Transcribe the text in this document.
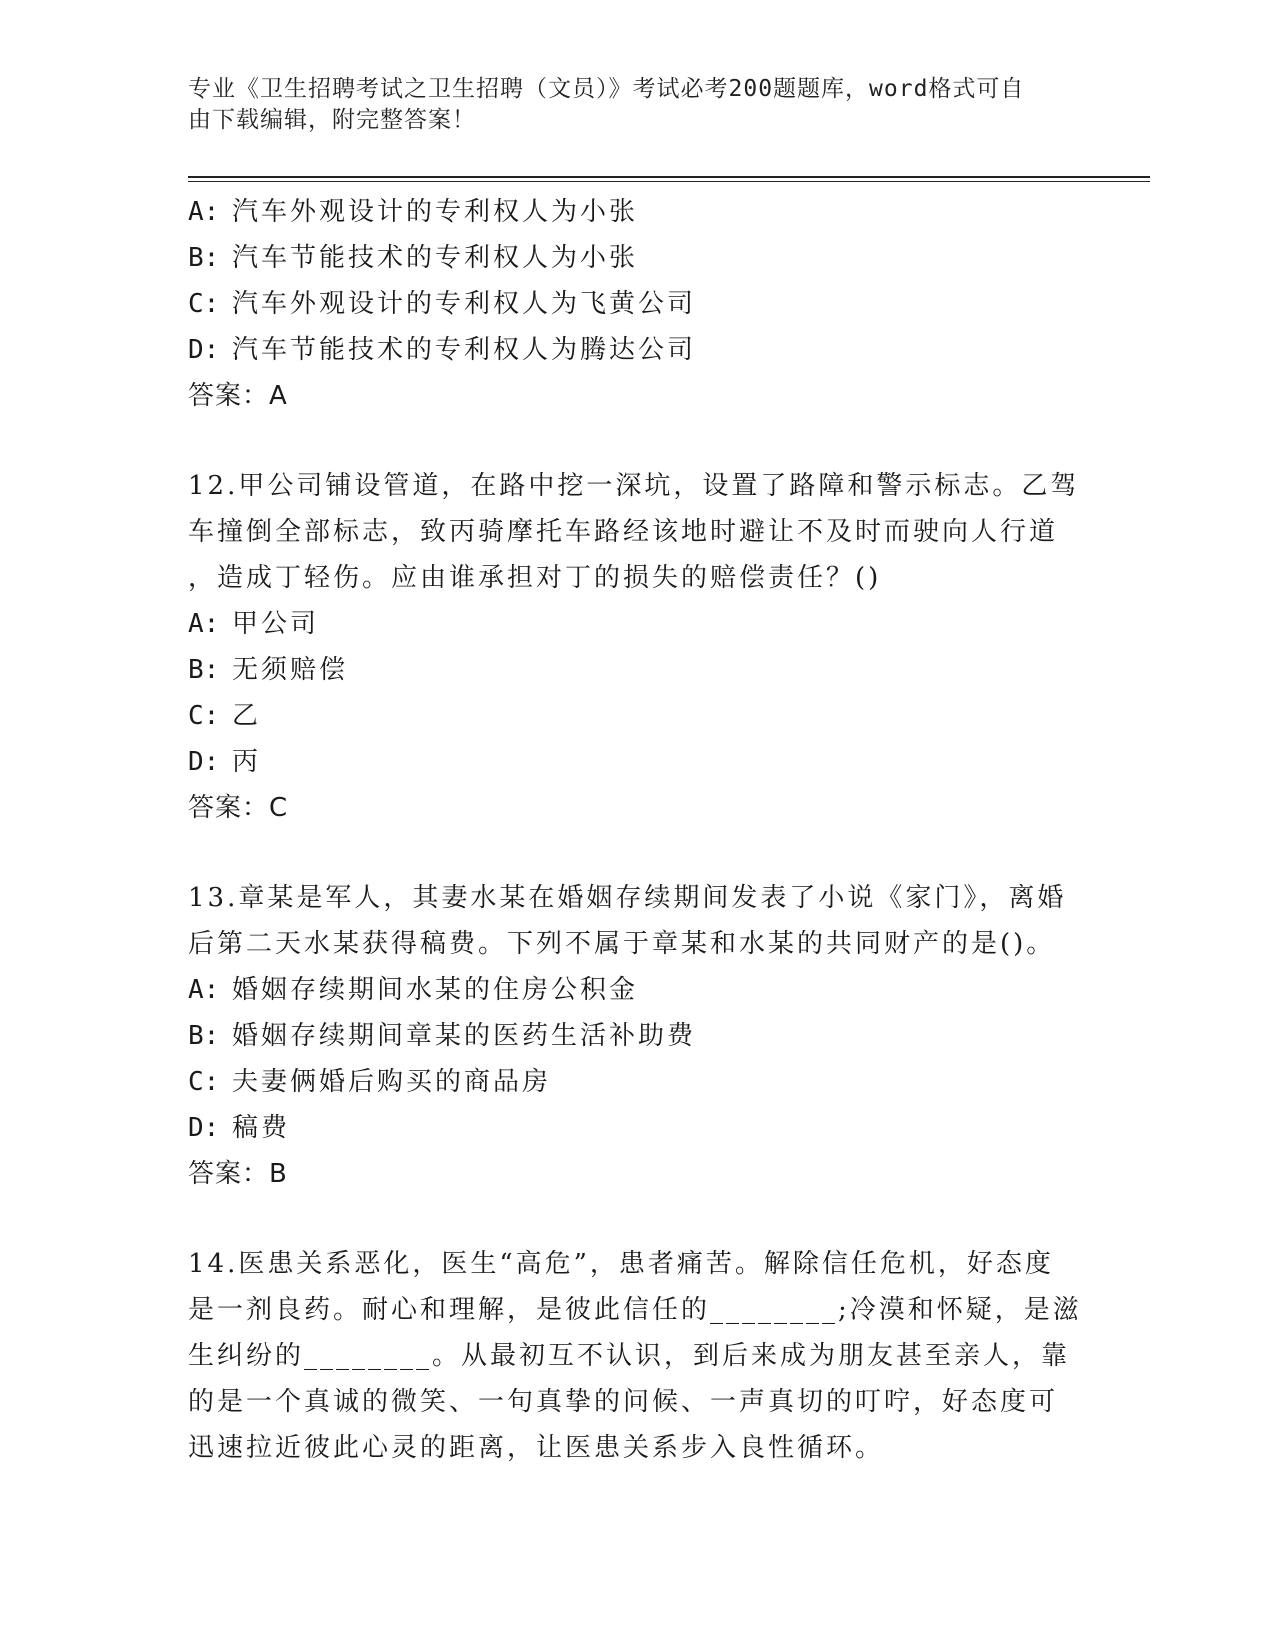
专业《卫生招聘考试之卫生招聘（文员）》考试必考200题题库，word格式可自
由下载编辑，附完整答案！
A: 汽车外观设计的专利权人为小张
B: 汽车节能技术的专利权人为小张
C: 汽车外观设计的专利权人为飞黄公司
D: 汽车节能技术的专利权人为腾达公司
答案：A
12.甲公司铺设管道，在路中挖一深坑，设置了路障和警示标志。乙驾
车撞倒全部标志，致丙骑摩托车路经该地时避让不及时而驶向人行道
，造成丁轻伤。应由谁承担对丁的损失的赔偿责任？()
A: 甲公司
B: 无须赔偿
C: 乙
D: 丙
答案：C
13.章某是军人，其妻水某在婚姻存续期间发表了小说《家门》，离婚
后第二天水某获得稿费。下列不属于章某和水某的共同财产的是()。
A: 婚姻存续期间水某的住房公积金
B: 婚姻存续期间章某的医药生活补助费
C: 夫妻俩婚后购买的商品房
D: 稿费
答案：B
14.医患关系恶化，医生“高危”，患者痛苦。解除信任危机，好态度
是一剂良药。耐心和理解，是彼此信任的________;冷漠和怀疑，是滋
生纠纷的________。从最初互不认识，到后来成为朋友甚至亲人，靠
的是一个真诚的微笑、一句真挚的问候、一声真切的叮咛，好态度可
迅速拉近彼此心灵的距离，让医患关系步入良性循环。
